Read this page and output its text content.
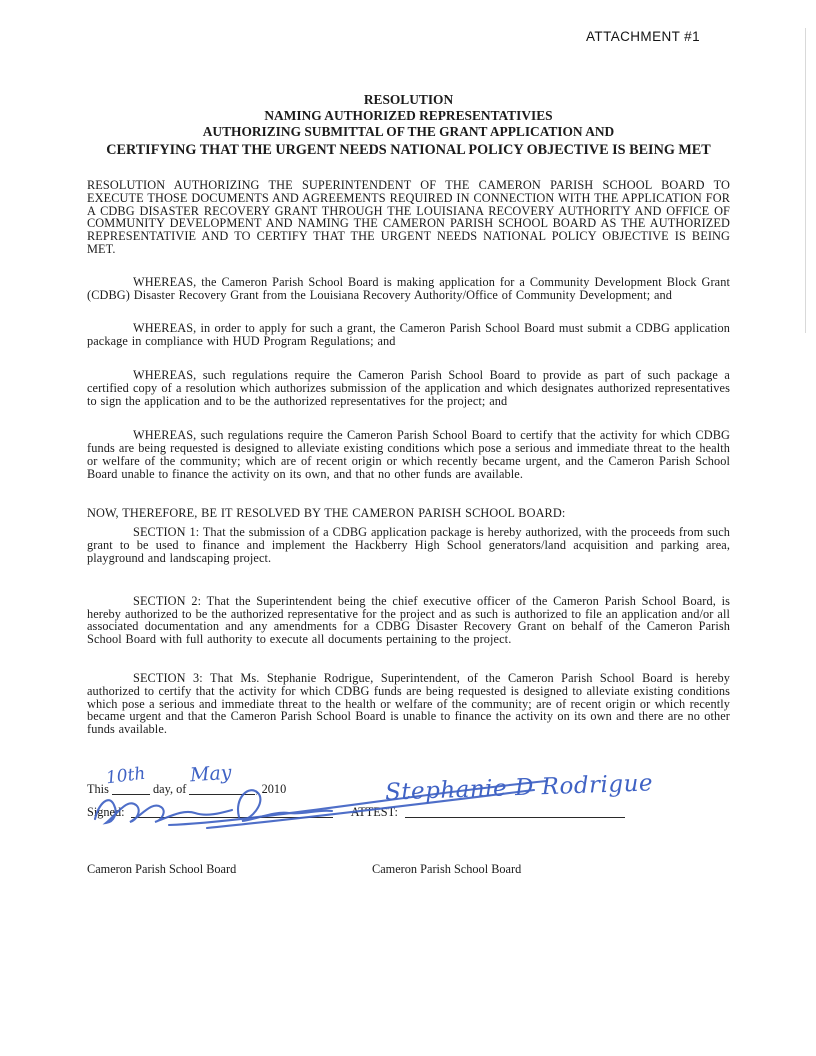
ATTACHMENT #1
RESOLUTION
NAMING AUTHORIZED REPRESENTATIVIES
AUTHORIZING SUBMITTAL OF THE GRANT APPLICATION AND
CERTIFYING THAT THE URGENT NEEDS NATIONAL POLICY OBJECTIVE IS BEING MET

RESOLUTION AUTHORIZING THE SUPERINTENDENT OF THE CAMERON PARISH SCHOOL BOARD TO EXECUTE THOSE DOCUMENTS AND AGREEMENTS REQUIRED IN CONNECTION WITH THE APPLICATION FOR A CDBG DISASTER RECOVERY GRANT THROUGH THE LOUISIANA RECOVERY AUTHORITY AND OFFICE OF COMMUNITY DEVELOPMENT AND NAMING THE CAMERON PARISH SCHOOL BOARD AS THE AUTHORIZED REPRESENTATIVIE AND TO CERTIFY THAT THE URGENT NEEDS NATIONAL POLICY OBJECTIVE IS BEING MET.

WHEREAS, the Cameron Parish School Board is making application for a Community Development Block Grant (CDBG) Disaster Recovery Grant from the Louisiana Recovery Authority/Office of Community Development; and

WHEREAS, in order to apply for such a grant, the Cameron Parish School Board must submit a CDBG application package in compliance with HUD Program Regulations; and

WHEREAS, such regulations require the Cameron Parish School Board to provide as part of such package a certified copy of a resolution which authorizes submission of the application and which designates authorized representatives to sign the application and to be the authorized representatives for the project; and

WHEREAS, such regulations require the Cameron Parish School Board to certify that the activity for which CDBG funds are being requested is designed to alleviate existing conditions which pose a serious and immediate threat to the health or welfare of the community; which are of recent origin or which recently became urgent, and the Cameron Parish School Board unable to finance the activity on its own, and that no other funds are available.

NOW, THEREFORE, BE IT RESOLVED BY THE CAMERON PARISH SCHOOL BOARD:

SECTION 1: That the submission of a CDBG application package is hereby authorized, with the proceeds from such grant to be used to finance and implement the Hackberry High School generators/land acquisition and parking area, playground and landscaping project.

SECTION 2: That the Superintendent being the chief executive officer of the Cameron Parish School Board, is hereby authorized to be the authorized representative for the project and as such is authorized to file an application and/or all associated documentation and any amendments for a CDBG Disaster Recovery Grant on behalf of the Cameron Parish School Board with full authority to execute all documents pertaining to the project.

SECTION 3: That Ms. Stephanie Rodrigue, Superintendent, of the Cameron Parish School Board is hereby authorized to certify that the activity for which CDBG funds are being requested is designed to alleviate existing conditions which pose a serious and immediate threat to the health or welfare of the community; are of recent origin or which recently became urgent and that the Cameron Parish School Board is unable to finance the activity on its own and there are no other funds available.

This	day, of	, 2010
10th May
Signed:	ATTEST:
Stephanie D Rodrigue
Cameron Parish School Board	Cameron Parish School Board
